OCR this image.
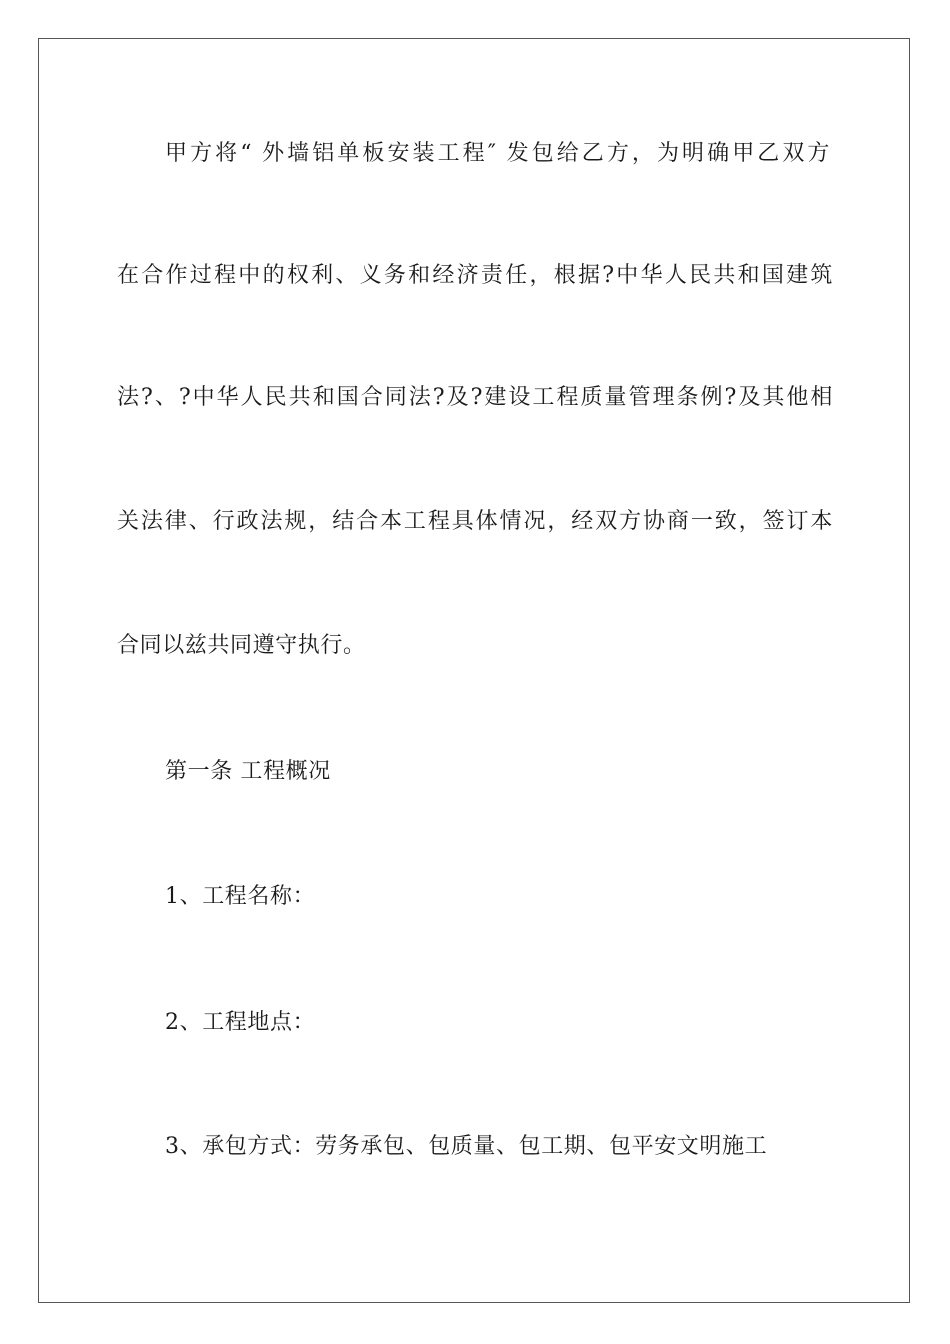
甲方将“ 外墙铝单板安装工程″ 发包给乙方，为明确甲乙双方
在合作过程中的权利、义务和经济责任，根据?中华人民共和国建筑
法?、?中华人民共和国合同法?及?建设工程质量管理条例?及其他相
关法律、行政法规，结合本工程具体情况，经双方协商一致，签订本
合同以兹共同遵守执行。
第一条 工程概况
1、工程名称：
2、工程地点：
3、承包方式：劳务承包、包质量、包工期、包平安文明施工
